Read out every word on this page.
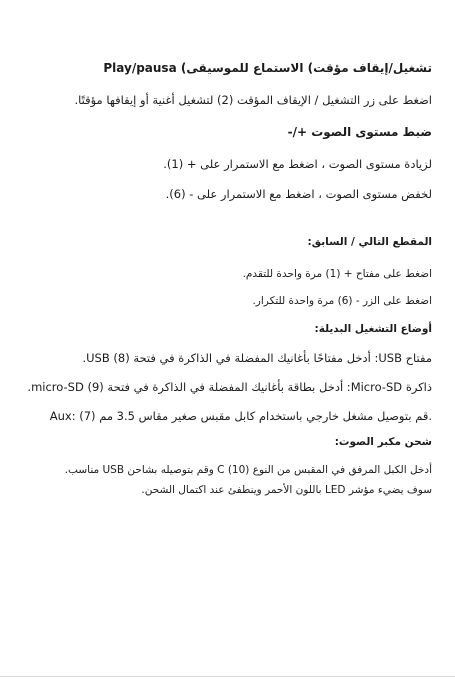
تشغيل/إيقاف مؤقت) الاستماع للموسيقى) Play/pausa
اضغط على زر التشغيل / الإيقاف المؤقت (2) لتشغيل أغنية أو إيقافها مؤقتًا.
ضبط مستوى الصوت +/-
لزيادة مستوى الصوت ، اضغط مع الاستمرار على + (1).
لخفض مستوى الصوت ، اضغط مع الاستمرار على - (6).
المقطع التالي / السابق:
اضغط على مفتاح + (1) مرة واحدة للتقدم.
اضغط على الزر - (6) مرة واحدة للتكرار.
أوضاع التشغيل البديلة:
مفتاح USB: أدخل مفتاحًا بأغانيك المفضلة في الذاكرة في فتحة USB (8).
ذاكرة Micro-SD: أدخل بطاقة بأغانيك المفضلة في الذاكرة في فتحة micro-SD (9).
Aux: (7) قم بتوصيل مشغل خارجي باستخدام كابل مقبس صغير مقاس 3.5 مم.
شحن مكبر الصوت:
أدخل الكبل المرفق في المقبس من النوع C (10) وقم بتوصيله بشاحن USB مناسب.
سوف يضيء مؤشر LED باللون الأحمر وينطفئ عند اكتمال الشحن.
